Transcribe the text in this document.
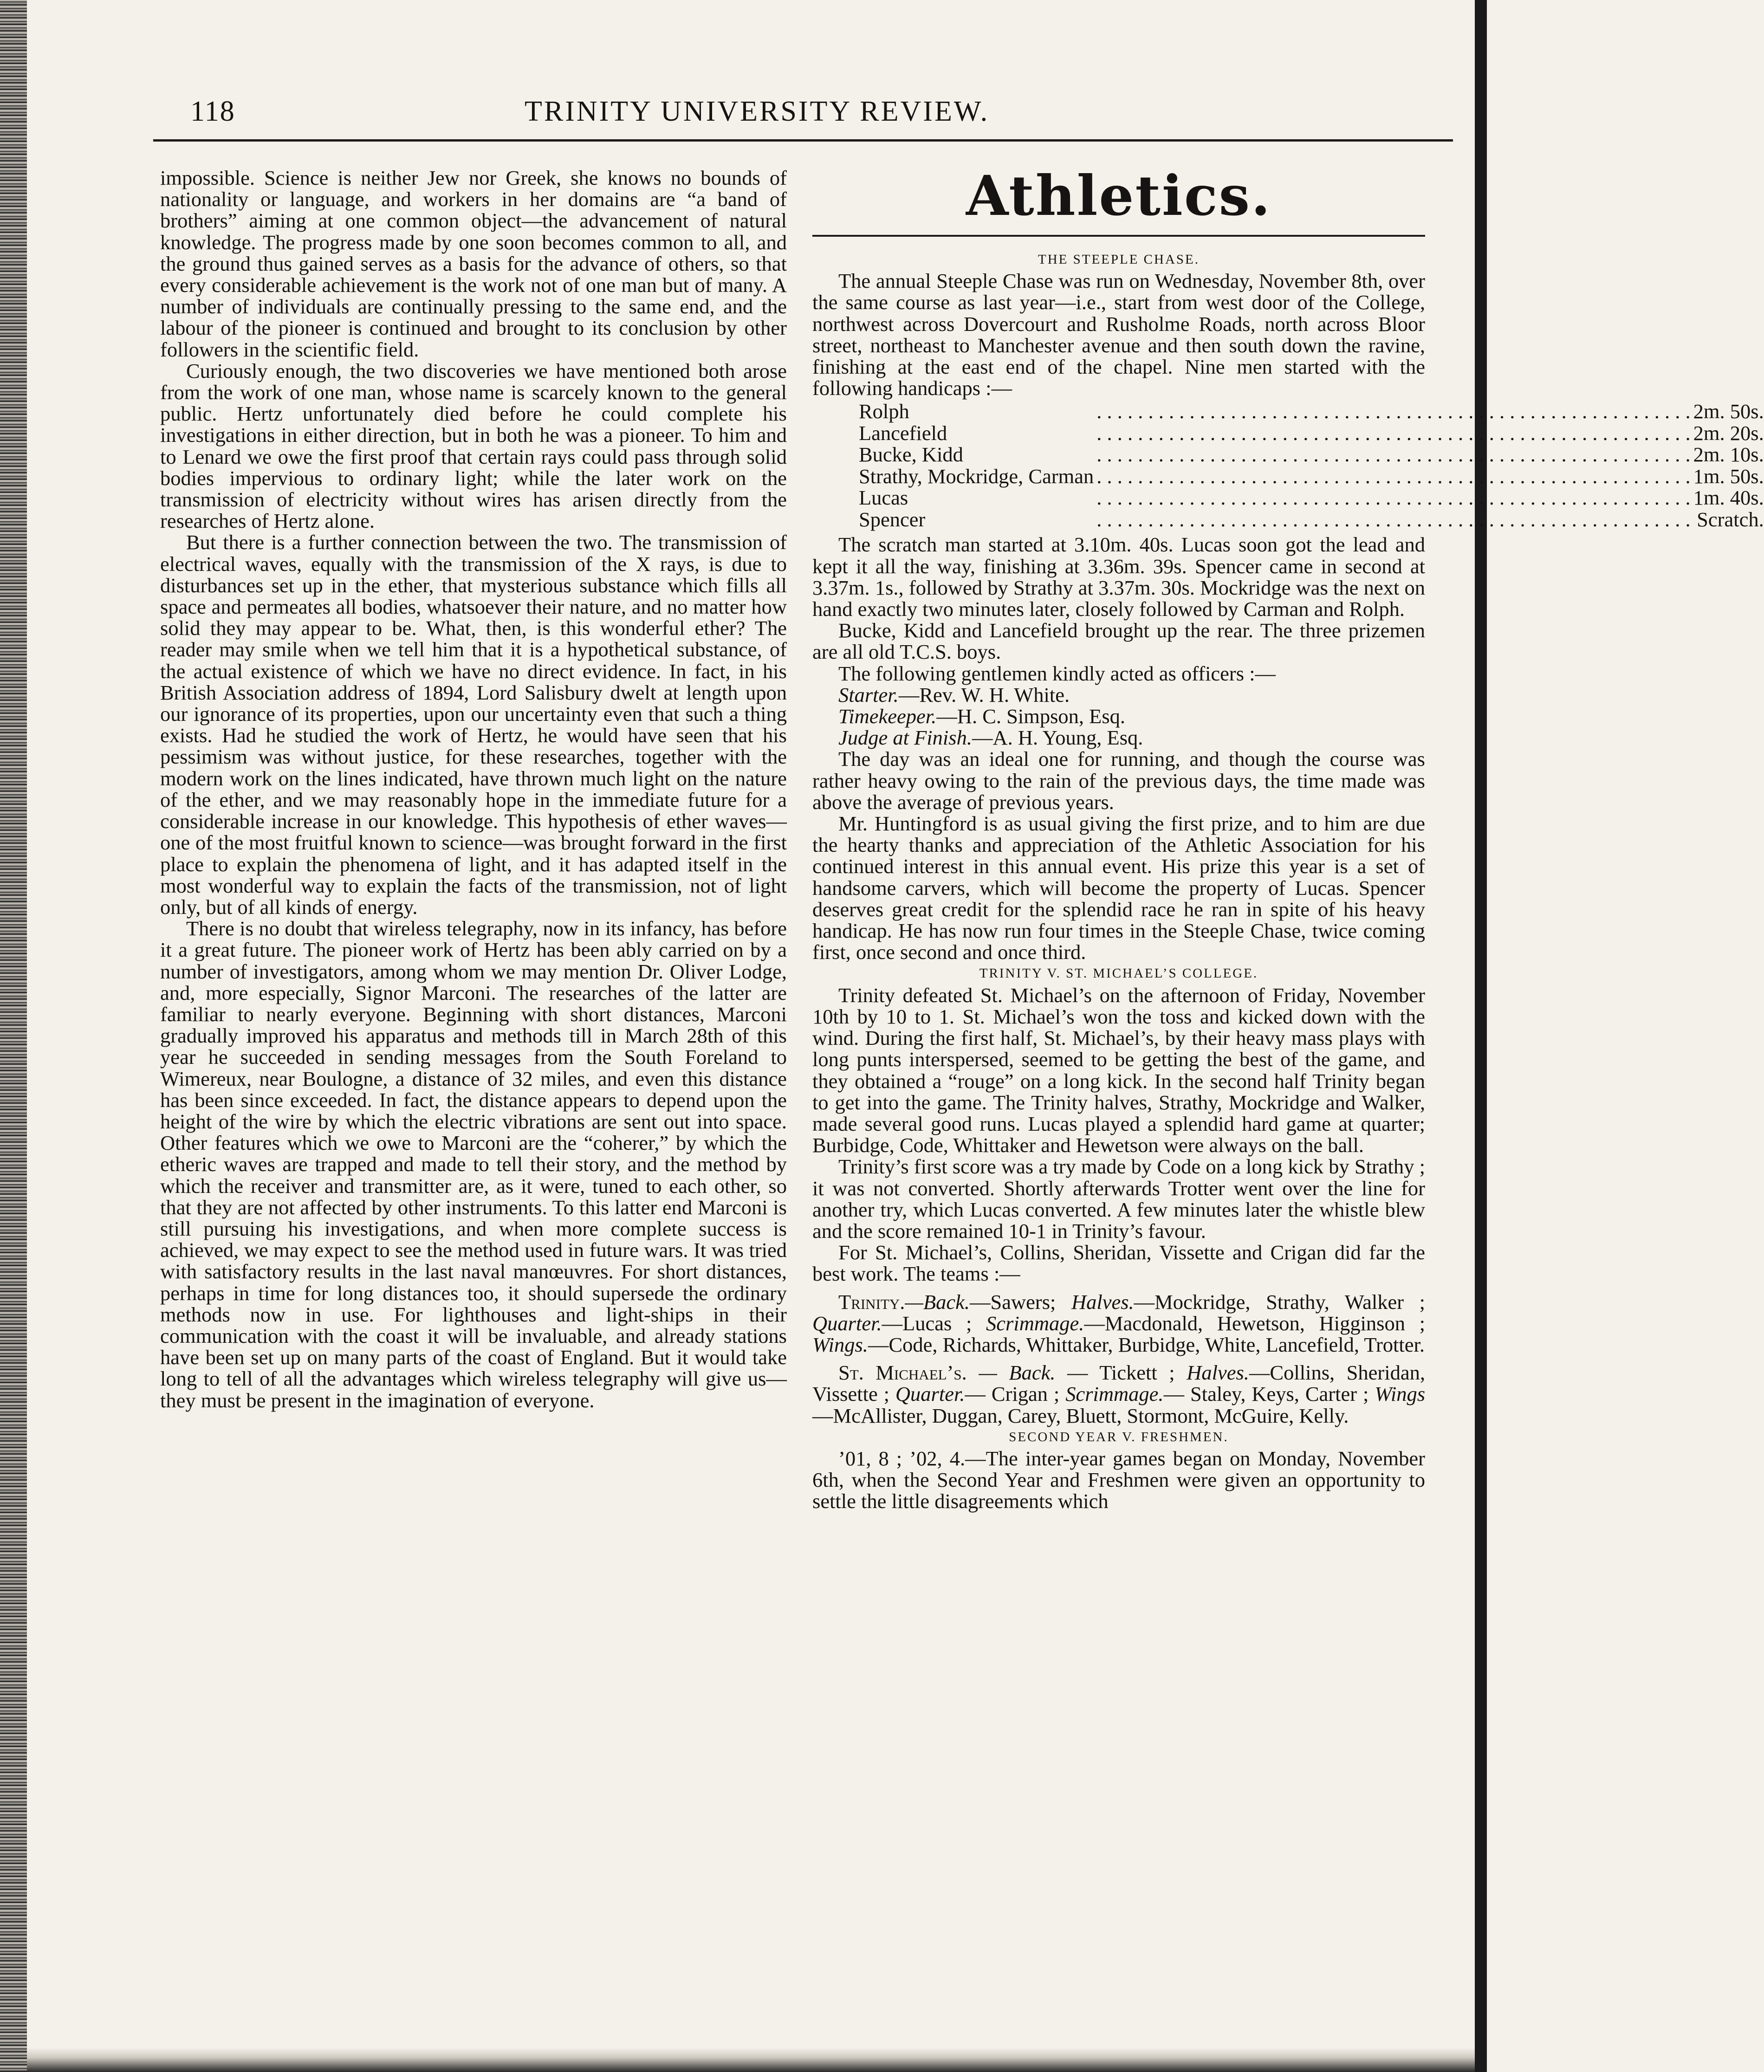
118	TRINITY UNIVERSITY REVIEW.

impossible. Science is neither Jew nor Greek, she knows no bounds of nationality or language, and workers in her domains are “a band of brothers” aiming at one common object—the advancement of natural knowledge. The progress made by one soon becomes common to all, and the ground thus gained serves as a basis for the advance of others, so that every considerable achievement is the work not of one man but of many. A number of individuals are continually pressing to the same end, and the labour of the pioneer is continued and brought to its conclusion by other followers in the scientific field.

Curiously enough, the two discoveries we have mentioned both arose from the work of one man, whose name is scarcely known to the general public. Hertz unfortunately died before he could complete his investigations in either direction, but in both he was a pioneer. To him and to Lenard we owe the first proof that certain rays could pass through solid bodies impervious to ordinary light; while the later work on the transmission of electricity without wires has arisen directly from the researches of Hertz alone.

But there is a further connection between the two. The transmission of electrical waves, equally with the transmission of the X rays, is due to disturbances set up in the ether, that mysterious substance which fills all space and permeates all bodies, whatsoever their nature, and no matter how solid they may appear to be. What, then, is this wonderful ether? The reader may smile when we tell him that it is a hypothetical substance, of the actual existence of which we have no direct evidence. In fact, in his British Association address of 1894, Lord Salisbury dwelt at length upon our ignorance of its properties, upon our uncertainty even that such a thing exists. Had he studied the work of Hertz, he would have seen that his pessimism was without justice, for these researches, together with the modern work on the lines indicated, have thrown much light on the nature of the ether, and we may reasonably hope in the immediate future for a considerable increase in our knowledge. This hypothesis of ether waves—one of the most fruitful known to science—was brought forward in the first place to explain the phenomena of light, and it has adapted itself in the most wonderful way to explain the facts of the transmission, not of light only, but of all kinds of energy.

There is no doubt that wireless telegraphy, now in its infancy, has before it a great future. The pioneer work of Hertz has been ably carried on by a number of investigators, among whom we may mention Dr. Oliver Lodge, and, more especially, Signor Marconi. The researches of the latter are familiar to nearly everyone. Beginning with short distances, Marconi gradually improved his apparatus and methods till in March 28th of this year he succeeded in sending messages from the South Foreland to Wimereux, near Boulogne, a distance of 32 miles, and even this distance has been since exceeded. In fact, the distance appears to depend upon the height of the wire by which the electric vibrations are sent out into space. Other features which we owe to Marconi are the “coherer,” by which the etheric waves are trapped and made to tell their story, and the method by which the receiver and transmitter are, as it were, tuned to each other, so that they are not affected by other instruments. To this latter end Marconi is still pursuing his investigations, and when more complete success is achieved, we may expect to see the method used in future wars. It was tried with satisfactory results in the last naval manœuvres. For short distances, perhaps in time for long distances too, it should supersede the ordinary methods now in use. For lighthouses and light-ships in their communication with the coast it will be invaluable, and already stations have been set up on many parts of the coast of England. But it would take long to tell of all the advantages which wireless telegraphy will give us—they must be present in the imagination of everyone.

Athletics.

THE STEEPLE CHASE.

The annual Steeple Chase was run on Wednesday, November 8th, over the same course as last year—i.e., start from west door of the College, northwest across Dovercourt and Rusholme Roads, north across Bloor street, northeast to Manchester avenue and then south down the ravine, finishing at the east end of the chapel. Nine men started with the following handicaps :—

Rolph	. . .	2m. 50s.
Lancefield	. . .	2m. 20s.
Bucke, Kidd	. . .	2m. 10s.
Strathy, Mockridge, Carman	. . .	1m. 50s.
Lucas	. . .	1m. 40s.
Spencer	. . .	Scratch.

The scratch man started at 3.10m. 40s. Lucas soon got the lead and kept it all the way, finishing at 3.36m. 39s. Spencer came in second at 3.37m. 1s., followed by Strathy at 3.37m. 30s. Mockridge was the next on hand exactly two minutes later, closely followed by Carman and Rolph.

Bucke, Kidd and Lancefield brought up the rear. The three prizemen are all old T.C.S. boys.

The following gentlemen kindly acted as officers :—

Starter.—Rev. W. H. White.

Timekeeper.—H. C. Simpson, Esq.

Judge at Finish.—A. H. Young, Esq.

The day was an ideal one for running, and though the course was rather heavy owing to the rain of the previous days, the time made was above the average of previous years.

Mr. Huntingford is as usual giving the first prize, and to him are due the hearty thanks and appreciation of the Athletic Association for his continued interest in this annual event. His prize this year is a set of handsome carvers, which will become the property of Lucas. Spencer deserves great credit for the splendid race he ran in spite of his heavy handicap. He has now run four times in the Steeple Chase, twice coming first, once second and once third.

TRINITY V. ST. MICHAEL’S COLLEGE.

Trinity defeated St. Michael’s on the afternoon of Friday, November 10th by 10 to 1. St. Michael’s won the toss and kicked down with the wind. During the first half, St. Michael’s, by their heavy mass plays with long punts interspersed, seemed to be getting the best of the game, and they obtained a “rouge” on a long kick. In the second half Trinity began to get into the game. The Trinity halves, Strathy, Mockridge and Walker, made several good runs. Lucas played a splendid hard game at quarter; Burbidge, Code, Whittaker and Hewetson were always on the ball.

Trinity’s first score was a try made by Code on a long kick by Strathy ; it was not converted. Shortly afterwards Trotter went over the line for another try, which Lucas converted. A few minutes later the whistle blew and the score remained 10-1 in Trinity’s favour.

For St. Michael’s, Collins, Sheridan, Vissette and Crigan did far the best work. The teams :—

Trinity.—Back.—Sawers; Halves.—Mockridge, Strathy, Walker ; Quarter.—Lucas ; Scrimmage.—Macdonald, Hewetson, Higginson ; Wings.—Code, Richards, Whittaker, Burbidge, White, Lancefield, Trotter.

St. Michael’s. — Back. — Tickett ; Halves.—Collins, Sheridan, Vissette ; Quarter.— Crigan ; Scrimmage.— Staley, Keys, Carter ; Wings —McAllister, Duggan, Carey, Bluett, Stormont, McGuire, Kelly.

SECOND YEAR V. FRESHMEN.

’01, 8 ; ’02, 4.—The inter-year games began on Monday, November 6th, when the Second Year and Freshmen were given an opportunity to settle the little disagreements which
